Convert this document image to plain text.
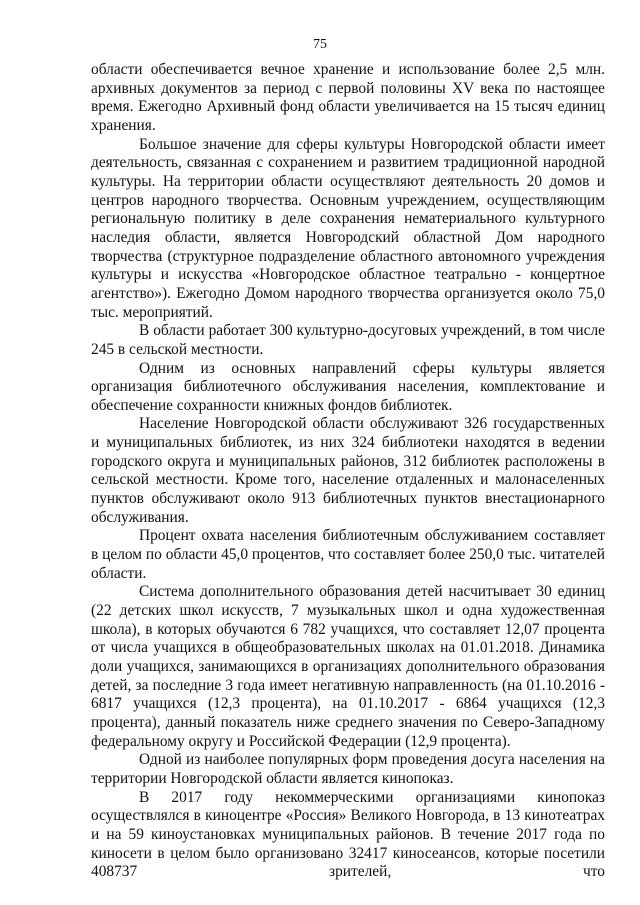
75

области обеспечивается вечное хранение и использование более 2,5 млн. архивных документов за период с первой половины XV века по настоящее время. Ежегодно Архивный фонд области увеличивается на 15 тысяч единиц хранения.

Большое значение для сферы культуры Новгородской области имеет деятельность, связанная с сохранением и развитием традиционной народной культуры. На территории области осуществляют деятельность 20 домов и центров народного творчества. Основным учреждением, осуществляющим региональную политику в деле сохранения нематериального культурного наследия области, является Новгородский областной Дом народного творчества (структурное подразделение областного автономного учреждения культуры и искусства «Новгородское областное театрально - концертное агентство»). Ежегодно Домом народного творчества организуется около 75,0 тыс. мероприятий.

В области работает 300 культурно-досуговых учреждений, в том числе 245 в сельской местности.

Одним из основных направлений сферы культуры является организация библиотечного обслуживания населения, комплектование и обеспечение сохранности книжных фондов библиотек.

Население Новгородской области обслуживают 326 государственных и муниципальных библиотек, из них 324 библиотеки находятся в ведении городского округа и муниципальных районов, 312 библиотек расположены в сельской местности. Кроме того, население отдаленных и малонаселенных пунктов обслуживают около 913 библиотечных пунктов внестационарного обслуживания.

Процент охвата населения библиотечным обслуживанием составляет в целом по области 45,0 процентов, что составляет более 250,0 тыс. читателей области.

Система дополнительного образования детей насчитывает 30 единиц (22 детских школ искусств, 7 музыкальных школ и одна художественная школа), в которых обучаются 6 782 учащихся, что составляет 12,07 процента от числа учащихся в общеобразовательных школах на 01.01.2018. Динамика доли учащихся, занимающихся в организациях дополнительного образования детей, за последние 3 года имеет негативную направленность (на 01.10.2016 - 6817 учащихся (12,3 процента), на 01.10.2017 - 6864 учащихся (12,3 процента), данный показатель ниже среднего значения по Северо-Западному федеральному округу и Российской Федерации (12,9 процента).

Одной из наиболее популярных форм проведения досуга населения на территории Новгородской области является кинопоказ.

В 2017 году некоммерческими организациями кинопоказ осуществлялся в киноцентре «Россия» Великого Новгорода, в 13 кинотеатрах и на 59 киноустановках муниципальных районов. В течение 2017 года по киносети в целом было организовано 32417 киносеансов, которые посетили 408737 зрителей, что
